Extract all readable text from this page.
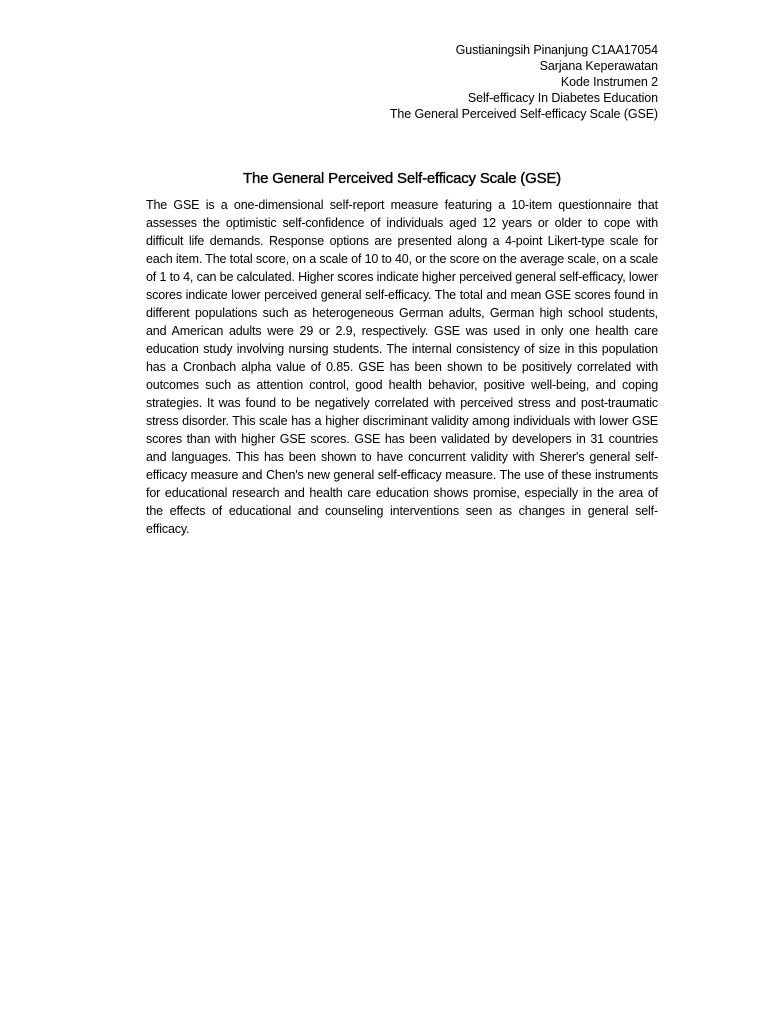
Gustianingsih Pinanjung C1AA17054
Sarjana Keperawatan
Kode Instrumen 2
Self-efficacy In Diabetes Education
The General Perceived Self-efficacy Scale (GSE)
The General Perceived Self-efficacy Scale (GSE)

The GSE is a one-dimensional self-report measure featuring a 10-item questionnaire that assesses the optimistic self-confidence of individuals aged 12 years or older to cope with difficult life demands. Response options are presented along a 4-point Likert-type scale for each item. The total score, on a scale of 10 to 40, or the score on the average scale, on a scale of 1 to 4, can be calculated. Higher scores indicate higher perceived general self-efficacy, lower scores indicate lower perceived general self-efficacy. The total and mean GSE scores found in different populations such as heterogeneous German adults, German high school students, and American adults were 29 or 2.9, respectively. GSE was used in only one health care education study involving nursing students. The internal consistency of size in this population has a Cronbach alpha value of 0.85. GSE has been shown to be positively correlated with outcomes such as attention control, good health behavior, positive well-being, and coping strategies. It was found to be negatively correlated with perceived stress and post-traumatic stress disorder. This scale has a higher discriminant validity among individuals with lower GSE scores than with higher GSE scores. GSE has been validated by developers in 31 countries and languages. This has been shown to have concurrent validity with Sherer's general self-efficacy measure and Chen's new general self-efficacy measure. The use of these instruments for educational research and health care education shows promise, especially in the area of the effects of educational and counseling interventions seen as changes in general self-efficacy.
